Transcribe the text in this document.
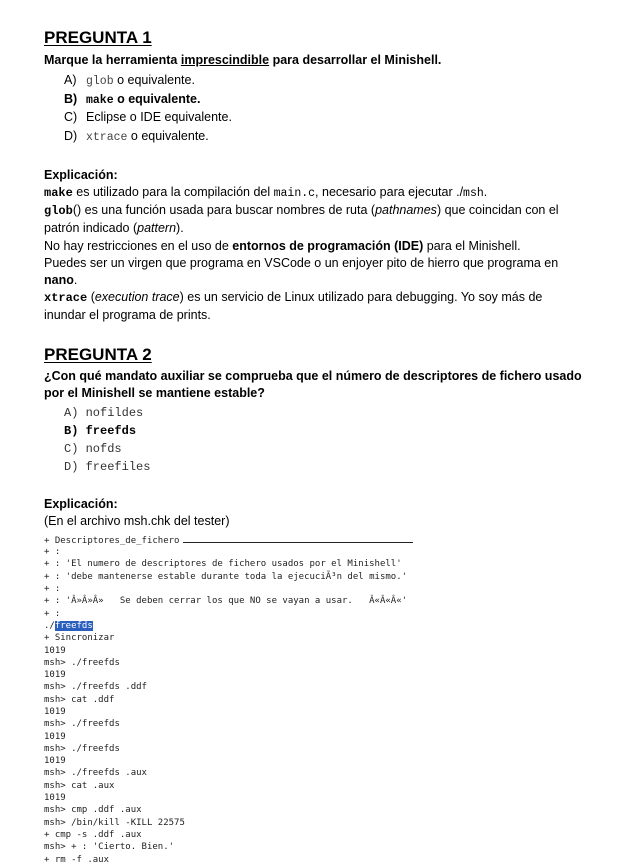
PREGUNTA 1

Marque la herramienta imprescindible para desarrollar el Minishell.

A) glob o equivalente.
B) make o equivalente.
C) Eclipse o IDE equivalente.
D) xtrace o equivalente.

Explicación:

make es utilizado para la compilación del main.c, necesario para ejecutar ./msh.

glob() es una función usada para buscar nombres de ruta (pathnames) que coincidan con el patrón indicado (pattern).

No hay restricciones en el uso de entornos de programación (IDE) para el Minishell.

Puedes ser un virgen que programa en VSCode o un enjoyer pito de hierro que programa en nano.

xtrace (execution trace) es un servicio de Linux utilizado para debugging. Yo soy más de inundar el programa de prints.

PREGUNTA 2

¿Con qué mandato auxiliar se comprueba que el número de descriptores de fichero usado por el Minishell se mantiene estable?

A) nofildes
B) freefds
C) nofds
D) freefiles

Explicación:

(En el archivo msh.chk del tester)

+ Descriptores_de_fichero
+ :
+ : 'El numero de descriptores de fichero usados por el Minishell'
+ : 'debe mantenerse estable durante toda la ejecuciÃ³n del mismo.'
+ :
+ : 'Â»Â»Â»   Se deben cerrar los que NO se vayan a usar.   Â«Â«Â«'
+ :
./freefds
+ Sincronizar
1019
msh> ./freefds
1019
msh> ./freefds .ddf
msh> cat .ddf
1019
msh> ./freefds
1019
msh> ./freefds
1019
msh> ./freefds .aux
msh> cat .aux
1019
msh> cmp .ddf .aux
msh> /bin/kill -KILL 22575
+ cmp -s .ddf .aux
msh> + : 'Cierto. Bien.'
+ rm -f .aux
